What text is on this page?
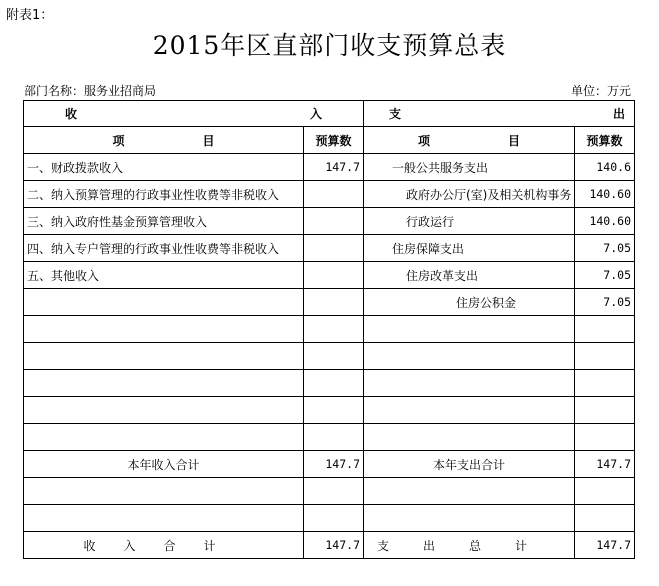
附表1：
2015年区直部门收支预算总表
部门名称：服务业招商局	单位：万元
收 入		支 出	

项 目	预算数	项 目	预算数
一、财政拨款收入	147.7	一般公共服务支出	140.6
二、纳入预算管理的行政事业性收费等非税收入		政府办公厅(室)及相关机构事务	140.60
三、纳入政府性基金预算管理收入		行政运行	140.60
四、纳入专户管理的行政事业性收费等非税收入		住房保障支出	7.05
五、其他收入		住房改革支出	7.05
		住房公积金	7.05

本年收入合计	147.7	本年支出合计	147.7

收入合计	147.7	支出总计	147.7
